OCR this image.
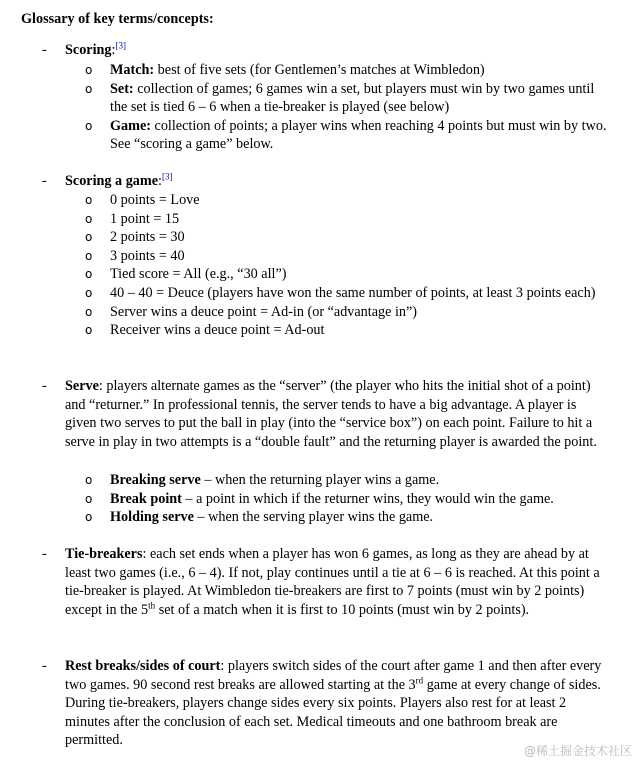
Glossary of key terms/concepts:
- Scoring:[3]
o Match: best of five sets (for Gentlemen’s matches at Wimbledon)
o Set: collection of games; 6 games win a set, but players must win by two games until the set is tied 6 – 6 when a tie-breaker is played (see below)
o Game: collection of points; a player wins when reaching 4 points but must win by two. See “scoring a game” below.
- Scoring a game:[3]
o 0 points = Love
o 1 point = 15
o 2 points = 30
o 3 points = 40
o Tied score = All (e.g., “30 all”)
o 40 – 40 = Deuce (players have won the same number of points, at least 3 points each)
o Server wins a deuce point = Ad-in (or “advantage in”)
o Receiver wins a deuce point = Ad-out
- Serve: players alternate games as the “server” (the player who hits the initial shot of a point) and “returner.” In professional tennis, the server tends to have a big advantage. A player is given two serves to put the ball in play (into the “service box”) on each point. Failure to hit a serve in play in two attempts is a “double fault” and the returning player is awarded the point.
o Breaking serve – when the returning player wins a game.
o Break point – a point in which if the returner wins, they would win the game.
o Holding serve – when the serving player wins the game.
- Tie-breakers: each set ends when a player has won 6 games, as long as they are ahead by at least two games (i.e., 6 – 4). If not, play continues until a tie at 6 – 6 is reached. At this point a tie-breaker is played. At Wimbledon tie-breakers are first to 7 points (must win by 2 points) except in the 5th set of a match when it is first to 10 points (must win by 2 points).
- Rest breaks/sides of court: players switch sides of the court after game 1 and then after every two games. 90 second rest breaks are allowed starting at the 3rd game at every change of sides. During tie-breakers, players change sides every six points. Players also rest for at least 2 minutes after the conclusion of each set. Medical timeouts and one bathroom break are permitted.
@稀土掘金技术社区
